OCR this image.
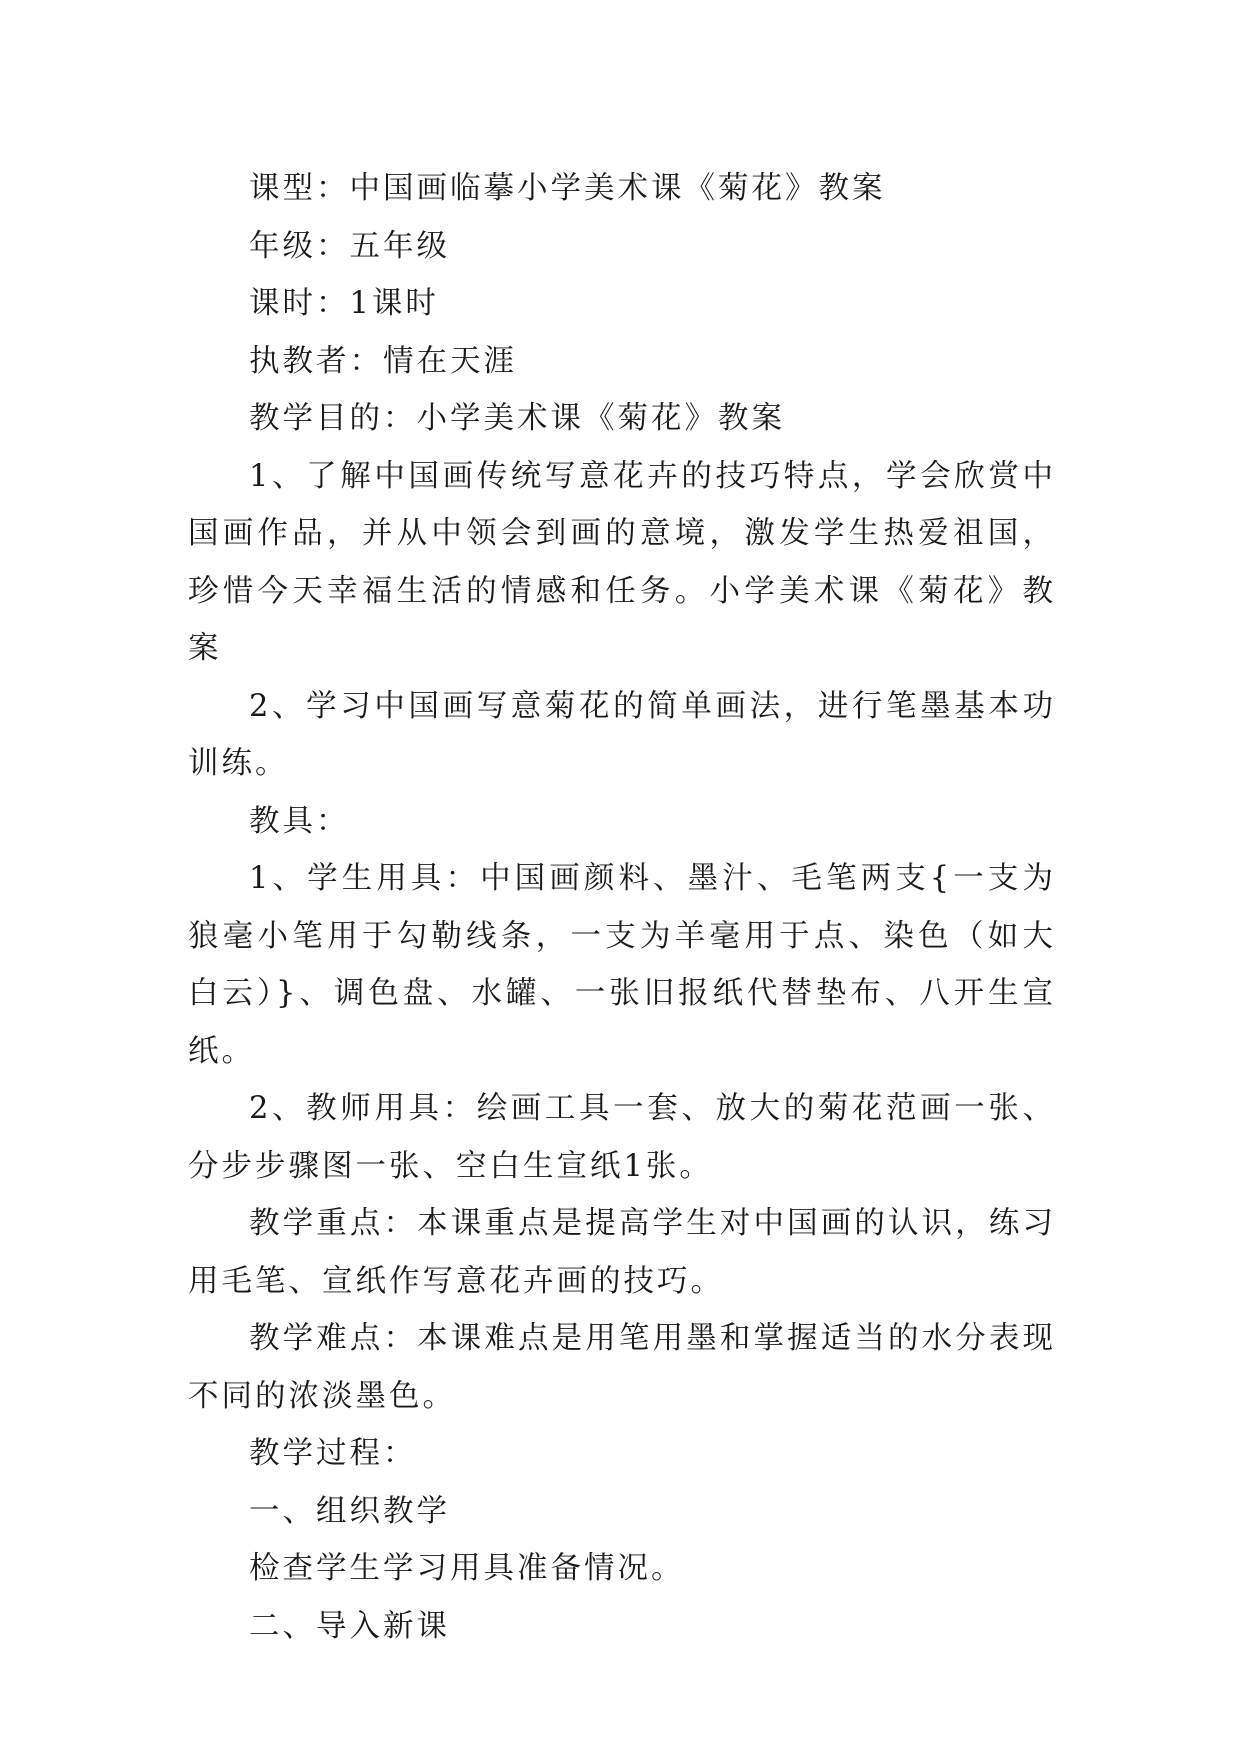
课型：中国画临摹小学美术课《菊花》教案

年级：五年级

课时：1课时

执教者：情在天涯

教学目的：小学美术课《菊花》教案

1、了解中国画传统写意花卉的技巧特点，学会欣赏中国画作品，并从中领会到画的意境，激发学生热爱祖国，珍惜今天幸福生活的情感和任务。小学美术课《菊花》教案

2、学习中国画写意菊花的简单画法，进行笔墨基本功训练。

教具：

1、学生用具：中国画颜料、墨汁、毛笔两支{一支为狼毫小笔用于勾勒线条，一支为羊毫用于点、染色（如大白云）}、调色盘、水罐、一张旧报纸代替垫布、八开生宣纸。

2、教师用具：绘画工具一套、放大的菊花范画一张、分步步骤图一张、空白生宣纸1张。

教学重点：本课重点是提高学生对中国画的认识，练习用毛笔、宣纸作写意花卉画的技巧。

教学难点：本课难点是用笔用墨和掌握适当的水分表现不同的浓淡墨色。

教学过程：

一、组织教学

检查学生学习用具准备情况。

二、导入新课
